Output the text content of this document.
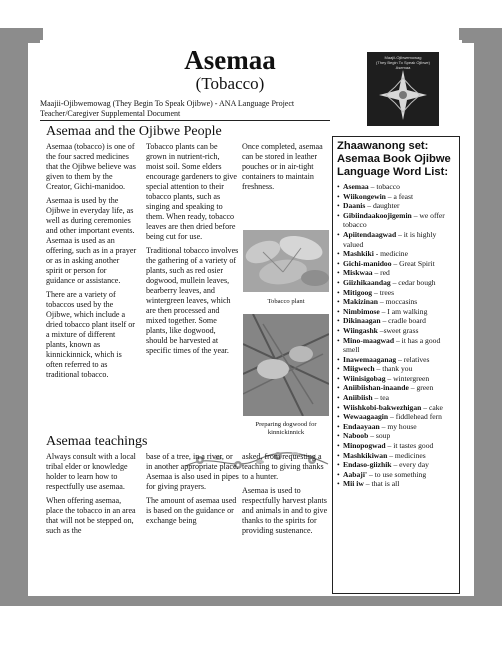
Asemaa
(Tobacco)
Maajii-Ojibwemowag (They Begin To Speak Ojibwe) - ANA Language Project
Teacher/Caregiver Supplemental Document
Maajii-Ojibwemowag
(They Begin To Speak Ojibwe)
Asemaa
Asemaa and the Ojibwe People

Asemaa (tobacco) is one of the four sacred medicines that the Ojibwe believe was given to them by the Creator, Gichi-manidoo.

Asemaa is used by the Ojibwe in everyday life, as well as during ceremonies and other important events. Asemaa is used as an offering, such as in a prayer or as in asking another spirit or person for guidance or assistance.

There are a variety of tobaccos used by the Ojibwe, which include a dried tobacco plant itself or a mixture of different plants, known as kinnickinnick, which is often referred to as traditional tobacco.

Tobacco plants can be grown in nutrient-rich, moist soil. Some elders encourage gardeners to give special attention to their tobacco plants, such as singing and speaking to them. When ready, tobacco leaves are then dried before being cut for use.

Traditional tobacco involves the gathering of a variety of plants, such as red osier dogwood, mullein leaves, bearberry leaves, and wintergreen leaves, which are then processed and mixed together. Some plants, like dogwood, should be harvested at specific times of the year.

Once completed, asemaa can be stored in leather pouches or in air-tight containers to maintain freshness.

Tobacco plant
Preparing dogwood for kinnickinnick
Asemaa teachings

Always consult with a local tribal elder or knowledge holder to learn how to respectfully use asemaa.

When offering asemaa, place the tobacco in an area that will not be stepped on, such as the

base of a tree, in a river, or in another appropriate place. Asemaa is also used in pipes for giving prayers.

The amount of asemaa used is based on the guidance or exchange being

asked, from requesting a teaching to giving thanks to a hunter.

Asemaa is used to respectfully harvest plants and animals in and to give thanks to the spirits for providing sustenance.

Zhaawanong set: Asemaa Book Ojibwe Language Word List:
• Asemaa – tobacco
• Wiikongewin – a feast
• Daanis – daughter
• Gibiindaakoojigemin – we offer tobacco
• Apiitendaagwad – it is highly valued
• Mashkiki - medicine
• Gichi-manidoo – Great Spirit
• Miskwaa – red
• Giizhikaandag – cedar bough
• Mitigoog – trees
• Makizinan – moccasins
• Nimbimose – I am walking
• Dikinaagan – cradle board
• Wiingashk –sweet grass
• Mino-maagwad – it has a good smell
• Inawemaaganag – relatives
• Miigwech – thank you
• Wiinisigobag – wintergreen
• Aniibiishan-inaande – green
• Aniibiish – tea
• Wiishkobi-bakwezhigan – cake
• Wewaagaagin – fiddlehead fern
• Endaayaan – my house
• Naboob – soup
• Minopogwad – it tastes good
• Mashkikiwan – medicines
• Endaso-giizhik – every day
• Aabaji' – to use something
• Mii iw – that is all
